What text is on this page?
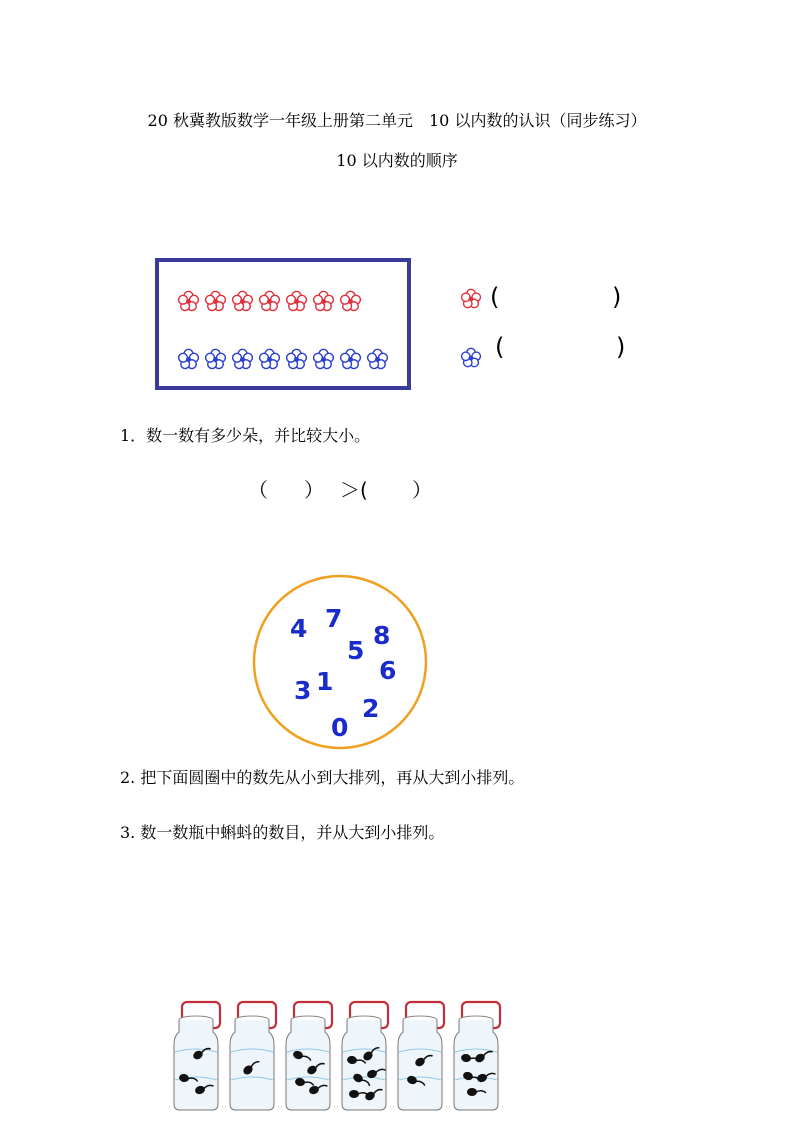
20 秋冀教版数学一年级上册第二单元　10 以内数的认识（同步练习）
10 以内数的顺序
(	)
(	)
1．数一数有多少朵，并比较大小。
（ ） ＞( ）
4 7
5
8
6
3 1
2
0
2. 把下面圆圈中的数先从小到大排列，再从大到小排列。
3. 数一数瓶中蝌蚪的数目，并从大到小排列。
